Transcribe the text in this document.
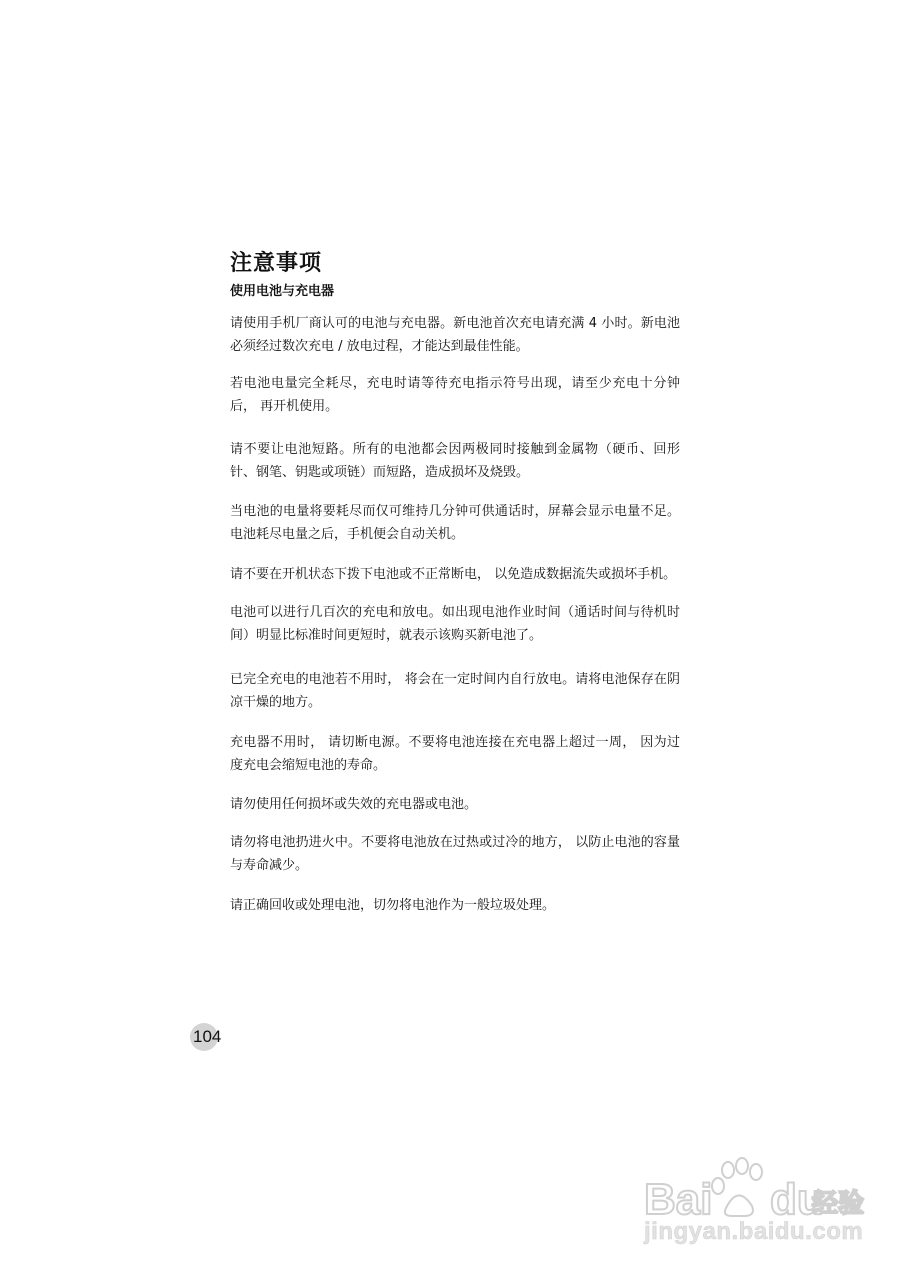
注意事项
使用电池与充电器

请使用手机厂商认可的电池与充电器。新电池首次充电请充满 4 小时。新电池必须经过数次充电 / 放电过程，才能达到最佳性能。

若电池电量完全耗尽，充电时请等待充电指示符号出现，请至少充电十分钟后， 再开机使用。

请不要让电池短路。所有的电池都会因两极同时接触到金属物（硬币、回形针、钢笔、钥匙或项链）而短路，造成损坏及烧毁。

当电池的电量将要耗尽而仅可维持几分钟可供通话时，屏幕会显示电量不足。电池耗尽电量之后，手机便会自动关机。

请不要在开机状态下拨下电池或不正常断电， 以免造成数据流失或损坏手机。

电池可以进行几百次的充电和放电。如出现电池作业时间（通话时间与待机时间）明显比标准时间更短时，就表示该购买新电池了。

已完全充电的电池若不用时， 将会在一定时间内自行放电。请将电池保存在阴凉干燥的地方。

充电器不用时， 请切断电源。不要将电池连接在充电器上超过一周， 因为过度充电会缩短电池的寿命。

请勿使用任何损坏或失效的充电器或电池。

请勿将电池扔进火中。不要将电池放在过热或过冷的地方， 以防止电池的容量与寿命减少。

请正确回收或处理电池，切勿将电池作为一般垃圾处理。

104
Bai du
经验
jingyan.baidu.com
